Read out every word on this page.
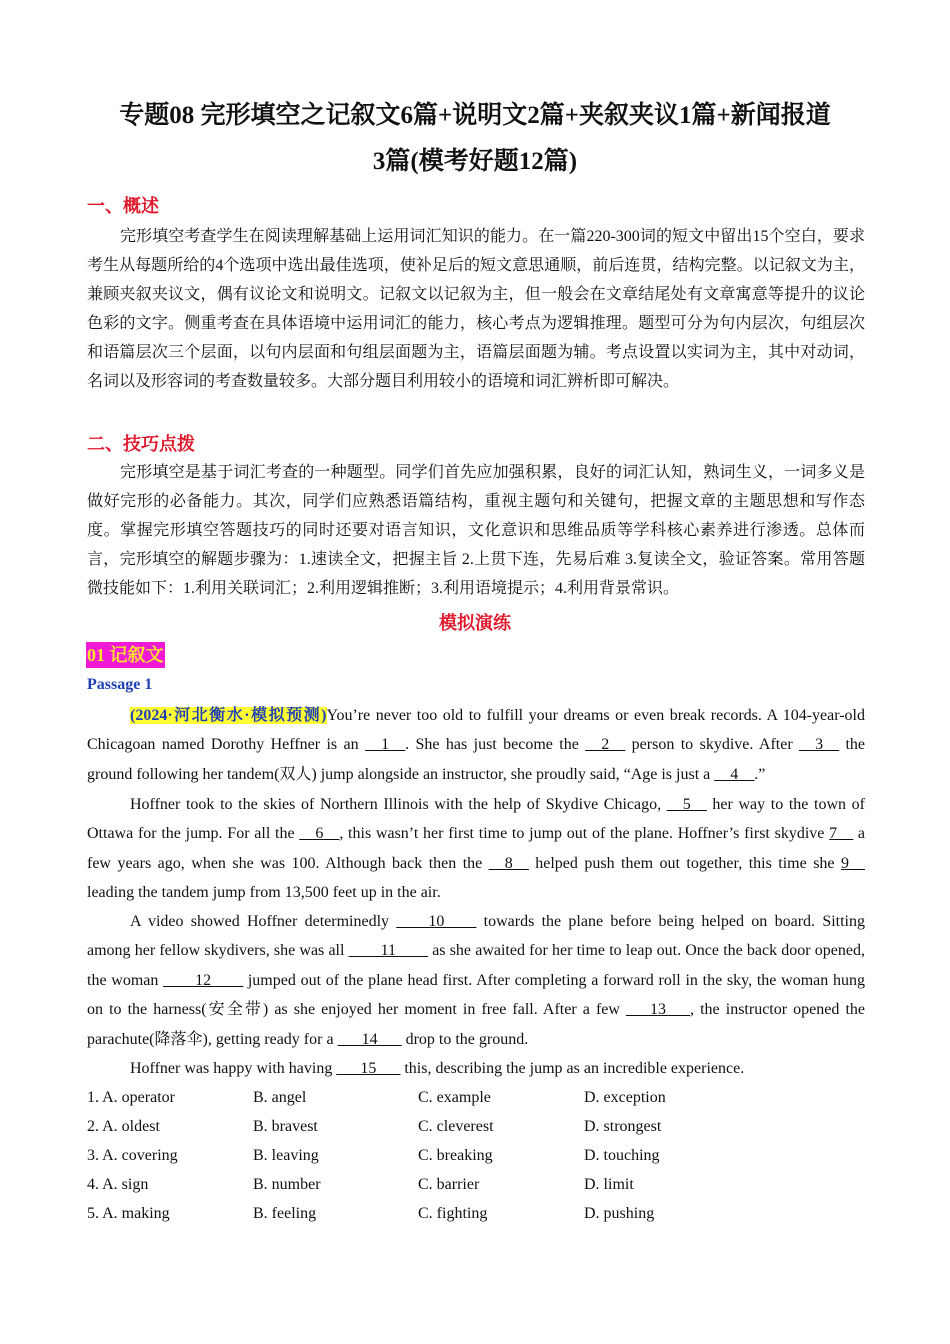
专题08 完形填空之记叙文6篇+说明文2篇+夹叙夹议1篇+新闻报道
3篇(模考好题12篇)
一、概述
完形填空考查学生在阅读理解基础上运用词汇知识的能力。在一篇220-300词的短文中留出15个空白，要求考生从每题所给的4个选项中选出最佳选项，使补足后的短文意思通顺，前后连贯，结构完整。以记叙文为主，兼顾夹叙夹议文，偶有议论文和说明文。记叙文以记叙为主，但一般会在文章结尾处有文章寓意等提升的议论色彩的文字。侧重考查在具体语境中运用词汇的能力，核心考点为逻辑推理。题型可分为句内层次，句组层次和语篇层次三个层面，以句内层面和句组层面题为主，语篇层面题为辅。考点设置以实词为主，其中对动词，名词以及形容词的考查数量较多。大部分题目利用较小的语境和词汇辨析即可解决。
二、技巧点拨
完形填空是基于词汇考查的一种题型。同学们首先应加强积累，良好的词汇认知，熟词生义，一词多义是做好完形的必备能力。其次，同学们应熟悉语篇结构，重视主题句和关键句，把握文章的主题思想和写作态度。掌握完形填空答题技巧的同时还要对语言知识，文化意识和思维品质等学科核心素养进行渗透。总体而言，完形填空的解题步骤为：1.速读全文，把握主旨 2.上贯下连，先易后难 3.复读全文，验证答案。常用答题微技能如下：1.利用关联词汇；2.利用逻辑推断；3.利用语境提示；4.利用背景常识。
模拟演练
01 记叙文
Passage 1
(2024·河北衡水·模拟预测)You’re never too old to fulfill your dreams or even break records. A 104-year-old Chicagoan named Dorothy Heffner is an __1__. She has just become the __2__ person to skydive. After __3__ the ground following her tandem(双人) jump alongside an instructor, she proudly said, “Age is just a __4__.”
Hoffner took to the skies of Northern Illinois with the help of Skydive Chicago, __5__ her way to the town of Ottawa for the jump. For all the __6__, this wasn’t her first time to jump out of the plane. Hoffner’s first skydive 7__ a few years ago, when she was 100. Although back then the __8__ helped push them out together, this time she 9__ leading the tandem jump from 13,500 feet up in the air.
A video showed Hoffner determinedly ____10____ towards the plane before being helped on board. Sitting among her fellow skydivers, she was all ____11____ as she awaited for her time to leap out. Once the back door opened, the woman ____12____ jumped out of the plane head first. After completing a forward roll in the sky, the woman hung on to the harness(安全带) as she enjoyed her moment in free fall. After a few ___13___, the instructor opened the parachute(降落伞), getting ready for a ___14___ drop to the ground.
Hoffner was happy with having ___15___ this, describing the jump as an incredible experience.
1. A. operator	B. angel	C. example	D. exception
2. A. oldest	B. bravest	C. cleverest	D. strongest
3. A. covering	B. leaving	C. breaking	D. touching
4. A. sign	B. number	C. barrier	D. limit
5. A. making	B. feeling	C. fighting	D. pushing
